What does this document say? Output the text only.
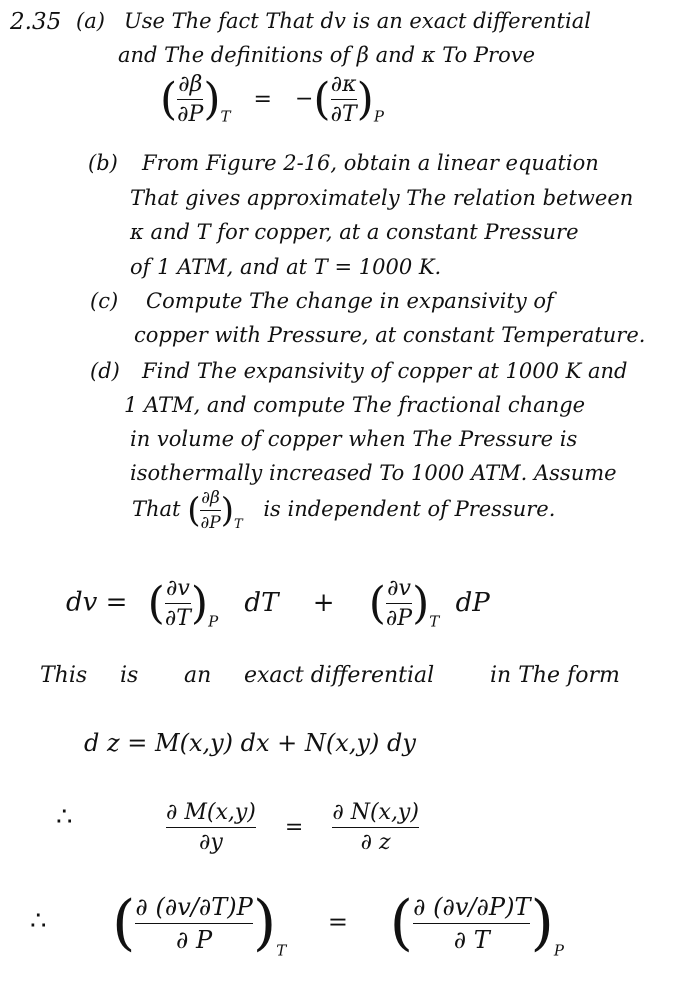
2.35 (a) Use The fact That dv is an exact differential
and The definitions of β and κ To Prove
( $\frac{\partial\beta}{\partial P} )_T$ = −( $\frac{\partial\kappa}{\partial T} )_P$
(b) From Figure 2-16, obtain a linear equation
That gives approximately The relation between
κ and T for copper, at a constant Pressure
of 1 ATM, and at T = 1000 K.
(c) Compute The change in expansivity of
copper with Pressure, at constant Temperature.
(d) Find The expansivity of copper at 1000 K and
1 ATM, and compute The fractional change
in volume of copper when The Pressure is
isothermally increased To 1000 ATM. Assume
That ( $\frac{\partial\beta}{\partial P} )_T$ is independent of Pressure.
dv = ( $\frac{\partial v}{\partial T} )_P$ dT + ( $\frac{\partial v}{\partial P} )_T$ dP
This is an exact differential	in The form
d z = M(x,y) dx + N(x,y) dy
∴	$\frac{\partial M(x,y)}{\partial y} = \frac{\partial N(x,y)}{\partial z}$
∴ ( $\frac{\partial (\partial v/\partial T)P}{\partial P} )_T$ = ( $\frac{\partial (\partial v/\partial P)T}{\partial T} )_P$
